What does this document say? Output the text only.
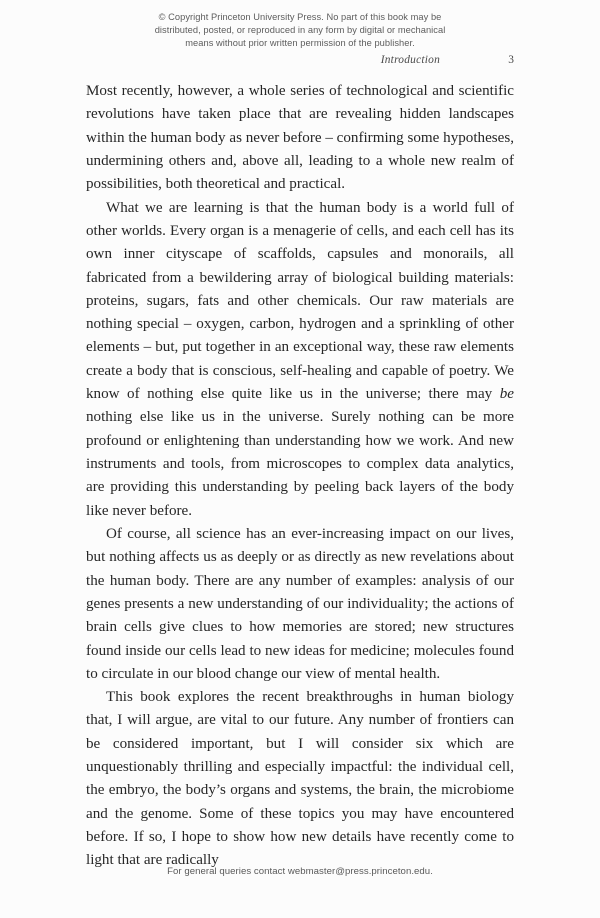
© Copyright Princeton University Press. No part of this book may be
distributed, posted, or reproduced in any form by digital or mechanical
means without prior written permission of the publisher.
Introduction	3

Most recently, however, a whole series of technological and scientific revolutions have taken place that are revealing hidden landscapes within the human body as never before – confirming some hypotheses, undermining others and, above all, leading to a whole new realm of possibilities, both theoretical and practical.

What we are learning is that the human body is a world full of other worlds. Every organ is a menagerie of cells, and each cell has its own inner cityscape of scaffolds, capsules and monorails, all fabricated from a bewildering array of biological building materials: proteins, sugars, fats and other chemicals. Our raw materials are nothing special – oxygen, carbon, hydrogen and a sprinkling of other elements – but, put together in an exceptional way, these raw elements create a body that is conscious, self-healing and capable of poetry. We know of nothing else quite like us in the universe; there may be nothing else like us in the universe. Surely nothing can be more profound or enlightening than understanding how we work. And new instruments and tools, from microscopes to complex data analytics, are providing this understanding by peeling back layers of the body like never before.

Of course, all science has an ever-increasing impact on our lives, but nothing affects us as deeply or as directly as new revelations about the human body. There are any number of examples: analysis of our genes presents a new understanding of our individuality; the actions of brain cells give clues to how memories are stored; new structures found inside our cells lead to new ideas for medicine; molecules found to circulate in our blood change our view of mental health.

This book explores the recent breakthroughs in human biology that, I will argue, are vital to our future. Any number of frontiers can be considered important, but I will consider six which are unquestionably thrilling and especially impactful: the individual cell, the embryo, the body’s organs and systems, the brain, the microbiome and the genome. Some of these topics you may have encountered before. If so, I hope to show how new details have recently come to light that are radically

For general queries contact webmaster@press.princeton.edu.
